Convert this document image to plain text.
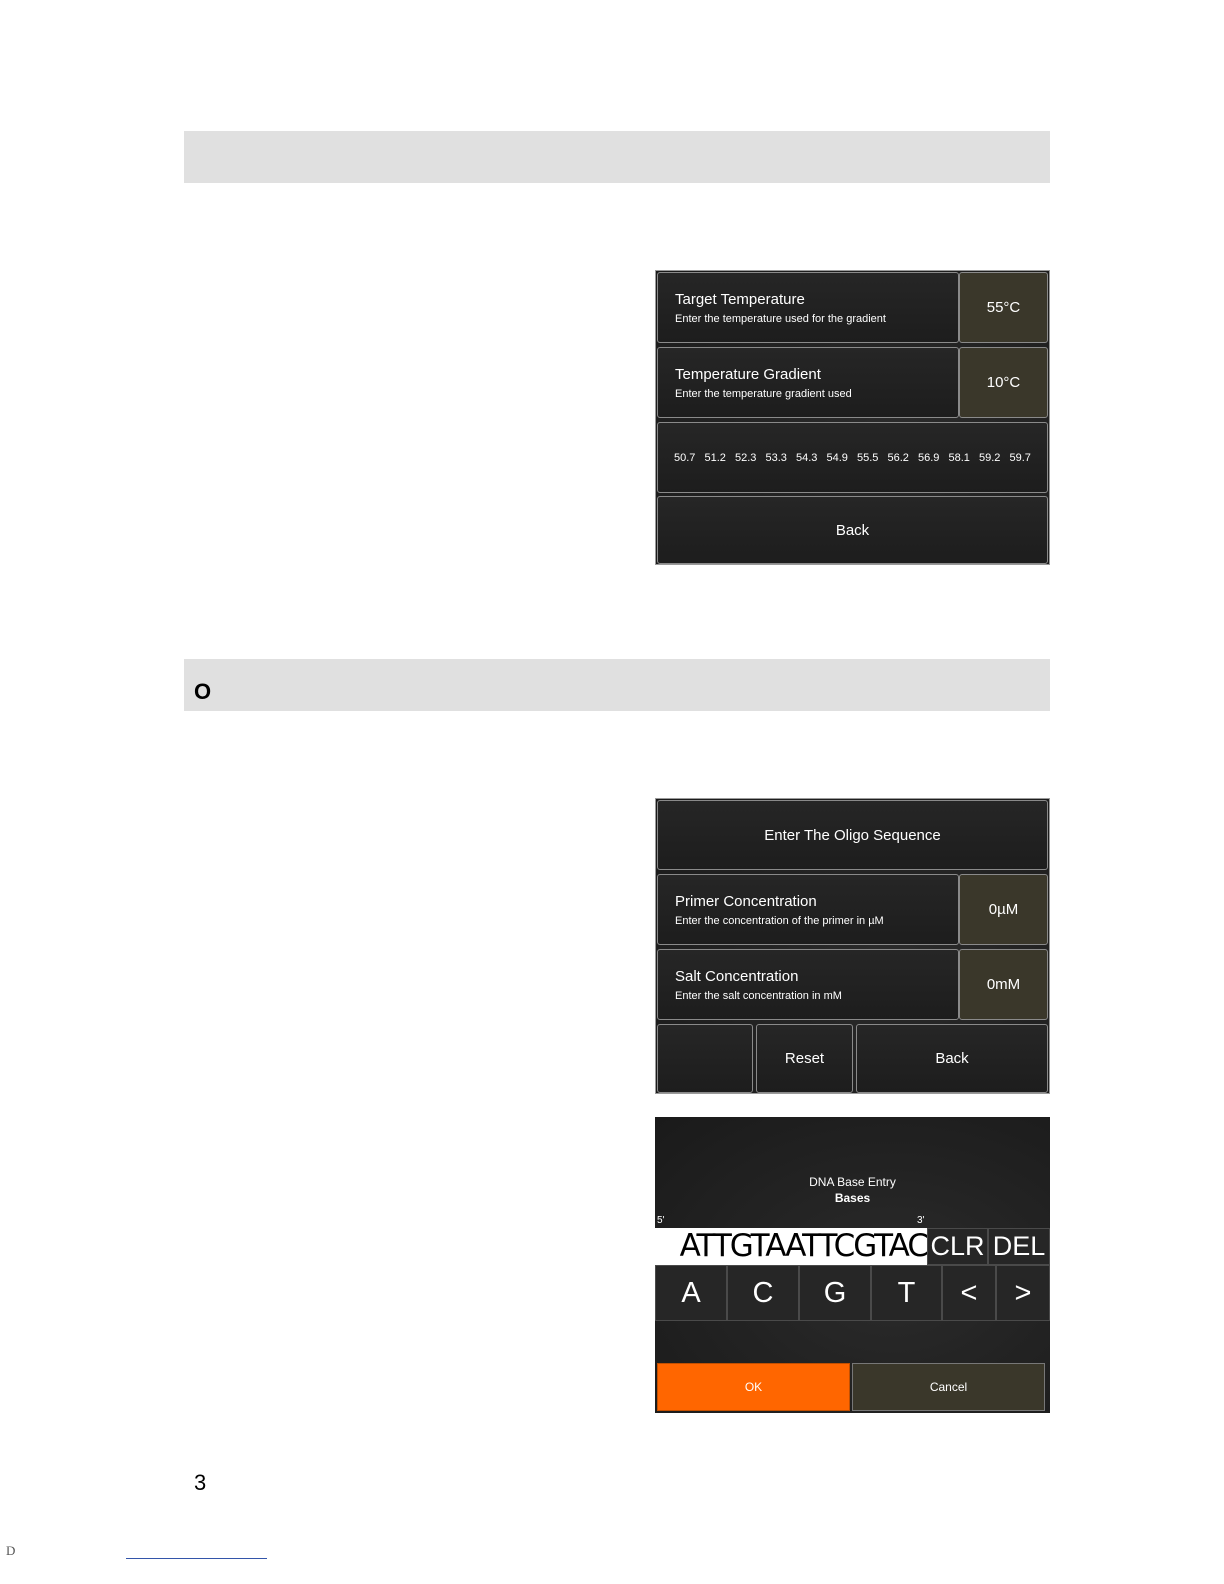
Target Temperature
Enter the temperature used for the gradient
55°C
Temperature Gradient
Enter the temperature gradient used
10°C
50.7 51.2 52.3 53.3 54.3 54.9 55.5 56.2 56.9 58.1 59.2 59.7
Back
O
Enter The Oligo Sequence
Primer Concentration
Enter the concentration of the primer in µM
0µM
Salt Concentration
Enter the salt concentration in mM
0mM
Reset	Back
DNA Base Entry
Bases
5'	3'
ATTGTAATTCGTAC CLR DEL
A	C	G	T	<	>
OK	Cancel
3
D
